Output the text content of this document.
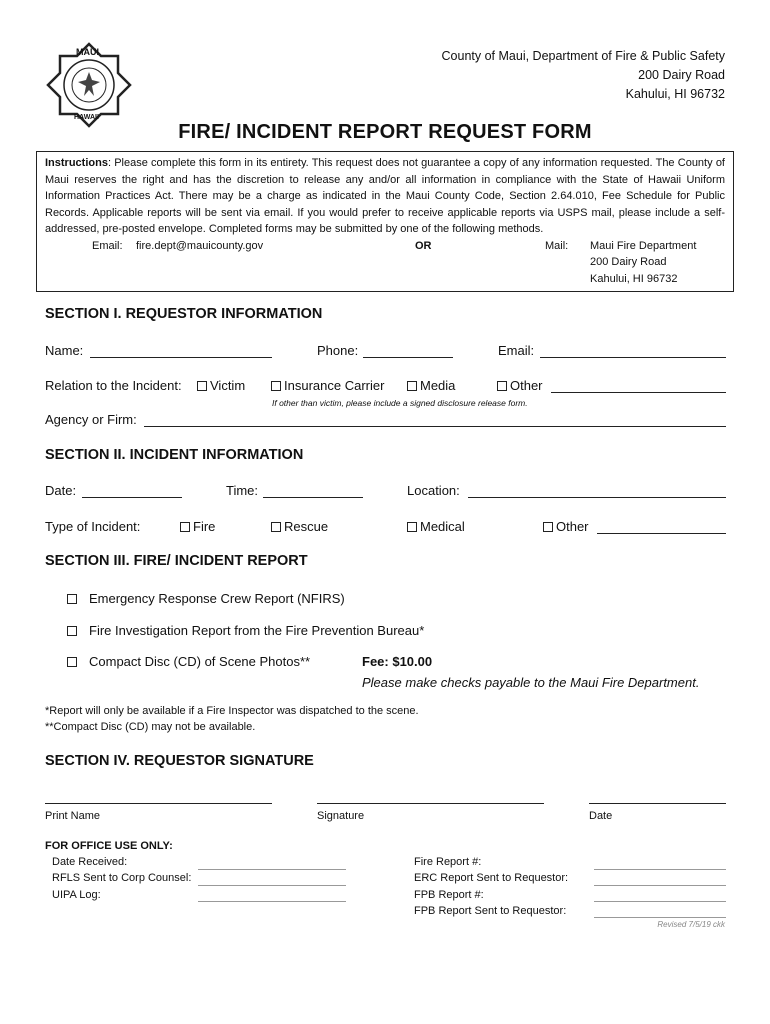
MAUI
HAWAII
County of Maui, Department of Fire & Public Safety
200 Dairy Road
Kahului, HI 96732
FIRE/ INCIDENT REPORT REQUEST FORM
Instructions: Please complete this form in its entirety. This request does not guarantee a copy of any information requested. The County of Maui reserves the right and has the discretion to release any and/or all information in compliance with the State of Hawaii Uniform Information Practices Act. There may be a charge as indicated in the Maui County Code, Section 2.64.010, Fee Schedule for Public Records. Applicable reports will be sent via email. If you would prefer to receive applicable reports via USPS mail, please include a self-addressed, pre-posted envelope. Completed forms may be submitted by one of the following methods.
Email: fire.dept@mauicounty.gov	OR	Mail: Maui Fire Department
200 Dairy Road
Kahului, HI 96732
SECTION I. REQUESTOR INFORMATION
Name:	Phone:	Email:
Relation to the Incident:	Victim	Insurance Carrier	Media	Other
If other than victim, please include a signed disclosure release form.
Agency or Firm:
SECTION II. INCIDENT INFORMATION
Date:	Time:	Location:
Type of Incident:	Fire	Rescue	Medical	Other
SECTION III. FIRE/ INCIDENT REPORT
Emergency Response Crew Report (NFIRS)
Fire Investigation Report from the Fire Prevention Bureau*
Compact Disc (CD) of Scene Photos**	Fee: $10.00
Please make checks payable to the Maui Fire Department.
*Report will only be available if a Fire Inspector was dispatched to the scene.
**Compact Disc (CD) may not be available.
SECTION IV. REQUESTOR SIGNATURE
Print Name	Signature	Date
FOR OFFICE USE ONLY:
Date Received:
RFLS Sent to Corp Counsel:
UIPA Log:
Fire Report #:
ERC Report Sent to Requestor:
FPB Report #:
FPB Report Sent to Requestor:
Revised 7/5/19 ckk
